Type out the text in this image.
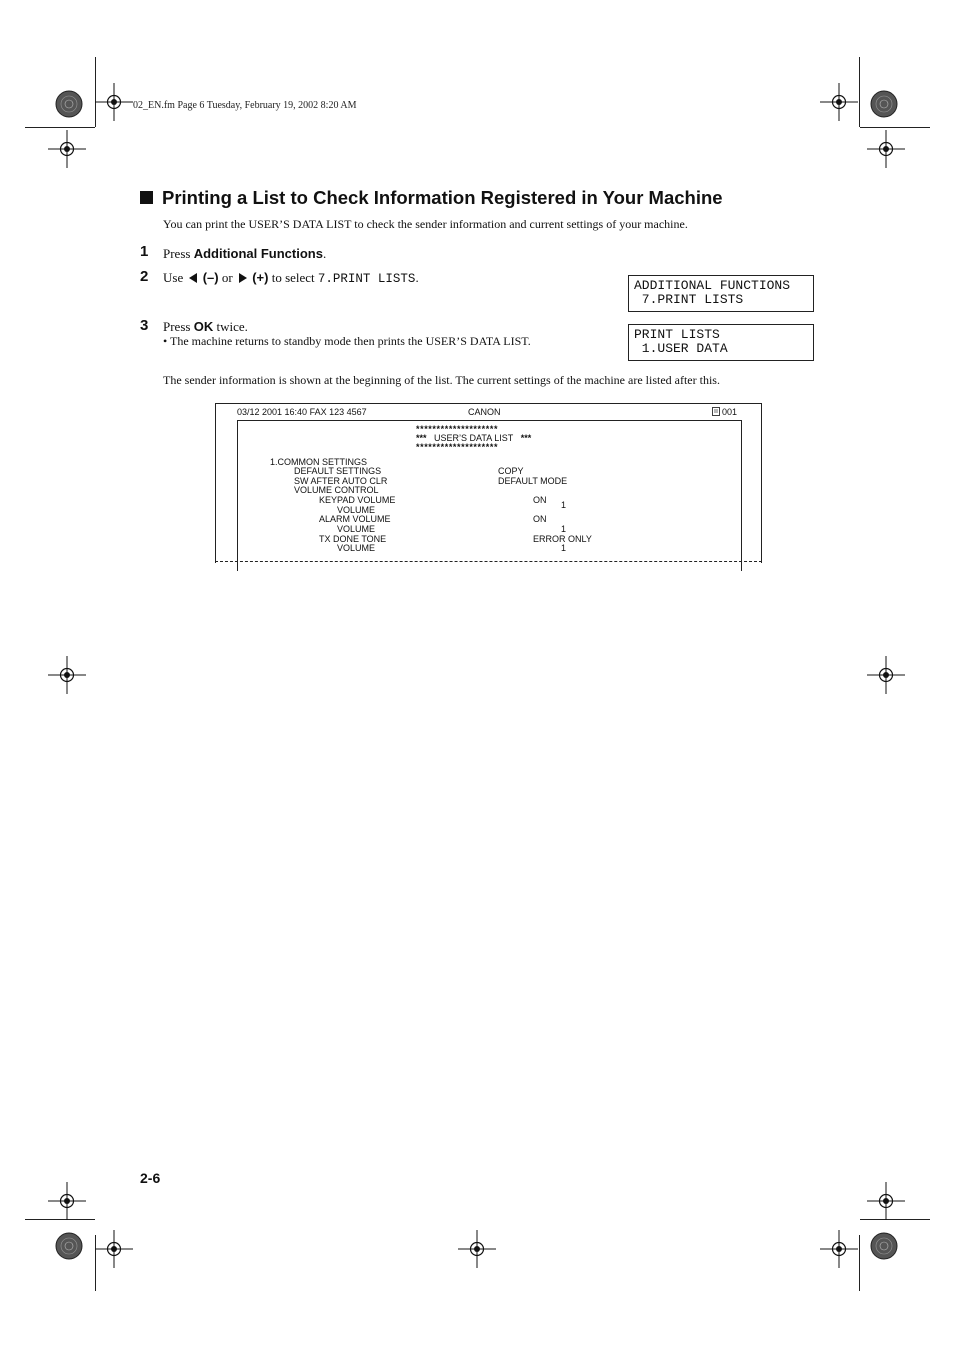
02_EN.fm Page 6 Tuesday, February 19, 2002 8:20 AM
Printing a List to Check Information Registered in Your Machine
You can print the USER’S DATA LIST to check the sender information and current settings of your machine.
1 Press Additional Functions.
2 Use  (–) or  (+) to select 7.PRINT LISTS.
3 Press OK twice.
• The machine returns to standby mode then prints the USER’S DATA LIST.
ADDITIONAL FUNCTIONS
7.PRINT LISTS
PRINT LISTS
1.USER DATA
The sender information is shown at the beginning of the list. The current settings of the machine are listed after this.
03/12 2001 16:40 FAX 123 4567	CANON	001
********************
*** USER’S DATA LIST ***
********************
1.COMMON SETTINGS
DEFAULT SETTINGS	COPY
SW AFTER AUTO CLR	DEFAULT MODE
VOLUME CONTROL
KEYPAD VOLUME	ON
VOLUME	1
ALARM VOLUME	ON
VOLUME	1
TX DONE TONE	ERROR ONLY
VOLUME	1
2-6
